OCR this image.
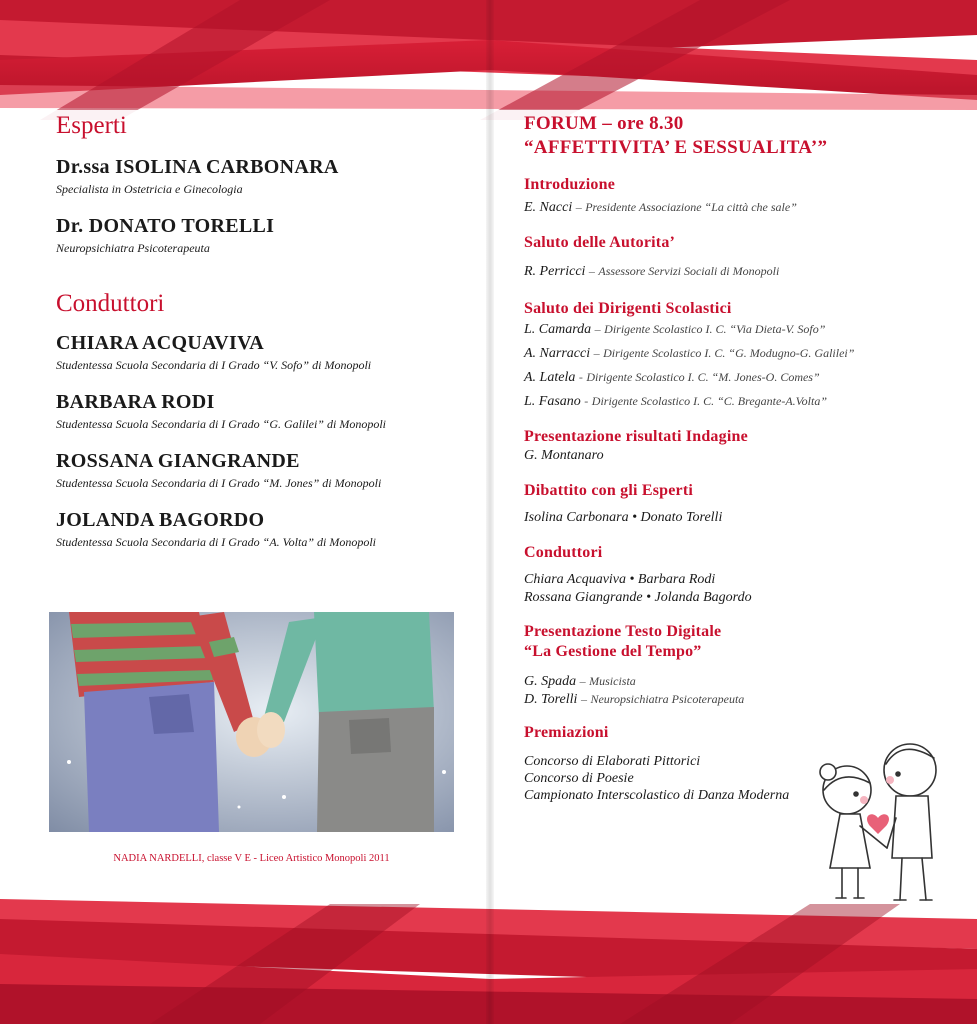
Esperti
Dr.ssa ISOLINA CARBONARA
Specialista in Ostetricia e Ginecologia
Dr. DONATO TORELLI
Neuropsichiatra Psicoterapeuta
Conduttori
CHIARA ACQUAVIVA
Studentessa Scuola Secondaria di I Grado “V. Sofo” di Monopoli
BARBARA RODI
Studentessa Scuola Secondaria di I Grado “G. Galilei” di Monopoli
ROSSANA GIANGRANDE
Studentessa Scuola Secondaria di I Grado “M. Jones” di Monopoli
JOLANDA BAGORDO
Studentessa Scuola Secondaria di I Grado “A. Volta” di Monopoli
NADIA NARDELLI, classe V E - Liceo Artistico Monopoli 2011
FORUM – ore 8.30
“AFFETTIVITA’ E SESSUALITA’”
Introduzione
E. Nacci – Presidente Associazione “La città che sale”
Saluto delle Autorita’
R. Perricci – Assessore Servizi Sociali di Monopoli
Saluto dei Dirigenti Scolastici
L. Camarda – Dirigente Scolastico I. C. “Via Dieta-V. Sofo”
A. Narracci – Dirigente Scolastico I. C. “G. Modugno-G. Galilei”
A. Latela - Dirigente Scolastico I. C. “M. Jones-O. Comes”
L. Fasano - Dirigente Scolastico I. C. “C. Bregante-A.Volta”
Presentazione risultati Indagine
G. Montanaro
Dibattito con gli Esperti
Isolina Carbonara • Donato Torelli
Conduttori
Chiara Acquaviva • Barbara Rodi
Rossana Giangrande • Jolanda Bagordo
Presentazione Testo Digitale
“La Gestione del Tempo”
G. Spada – Musicista
D. Torelli – Neuropsichiatra Psicoterapeuta
Premiazioni
Concorso di Elaborati Pittorici
Concorso di Poesie
Campionato Interscolastico di Danza Moderna
